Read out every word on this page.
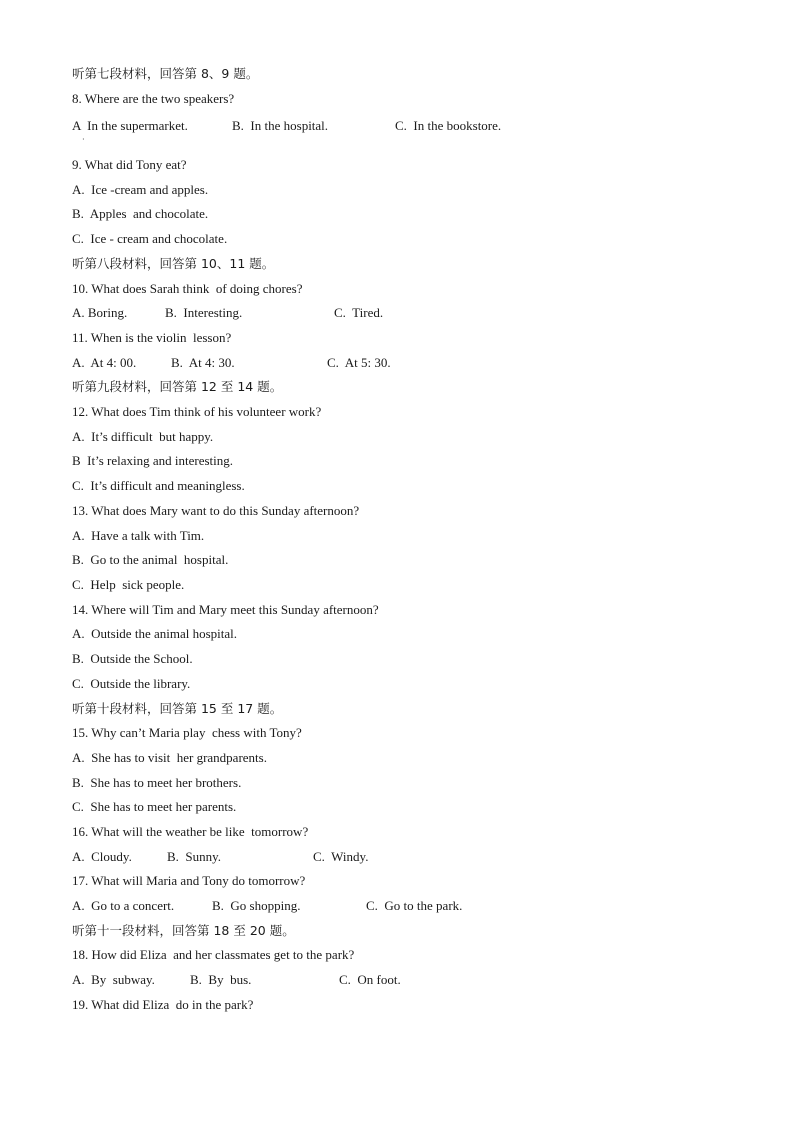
听第七段材料，回答第 8、9 题。
8. Where are the two speakers?
A  In the supermarket.
·
B.  In the hospital.	C.  In the bookstore.
9. What did Tony eat?
A.  Ice -cream and apples.
B.  Apples  and chocolate.
C.  Ice - cream and chocolate.
听第八段材料，回答第 10、11 题。
10. What does Sarah think  of doing chores?
A. Boring.	B.  Interesting.	C.  Tired.
11. When is the violin  lesson?
A.  At 4: 00.	B.  At 4: 30.	C.  At 5: 30.
听第九段材料，回答第 12 至 14 题。
12. What does Tim think of his volunteer work?
A.  It’s difficult  but happy.
B  It’s relaxing and interesting.
C.  It’s difficult and meaningless.
13. What does Mary want to do this Sunday afternoon?
A.  Have a talk with Tim.
B.  Go to the animal  hospital.
C.  Help  sick people.
14. Where will Tim and Mary meet this Sunday afternoon?
A.  Outside the animal hospital.
B.  Outside the School.
C.  Outside the library.
听第十段材料，回答第 15 至 17 题。
15. Why can’t Maria play  chess with Tony?
A.  She has to visit  her grandparents.
B.  She has to meet her brothers.
C.  She has to meet her parents.
16. What will the weather be like  tomorrow?
A.  Cloudy.	B.  Sunny.	C.  Windy.
17. What will Maria and Tony do tomorrow?
A.  Go to a concert.	B.  Go shopping.	C.  Go to the park.
听第十一段材料，回答第 18 至 20 题。
18. How did Eliza  and her classmates get to the park?
A.  By  subway.	B.  By  bus.	C.  On foot.
19. What did Eliza  do in the park?
